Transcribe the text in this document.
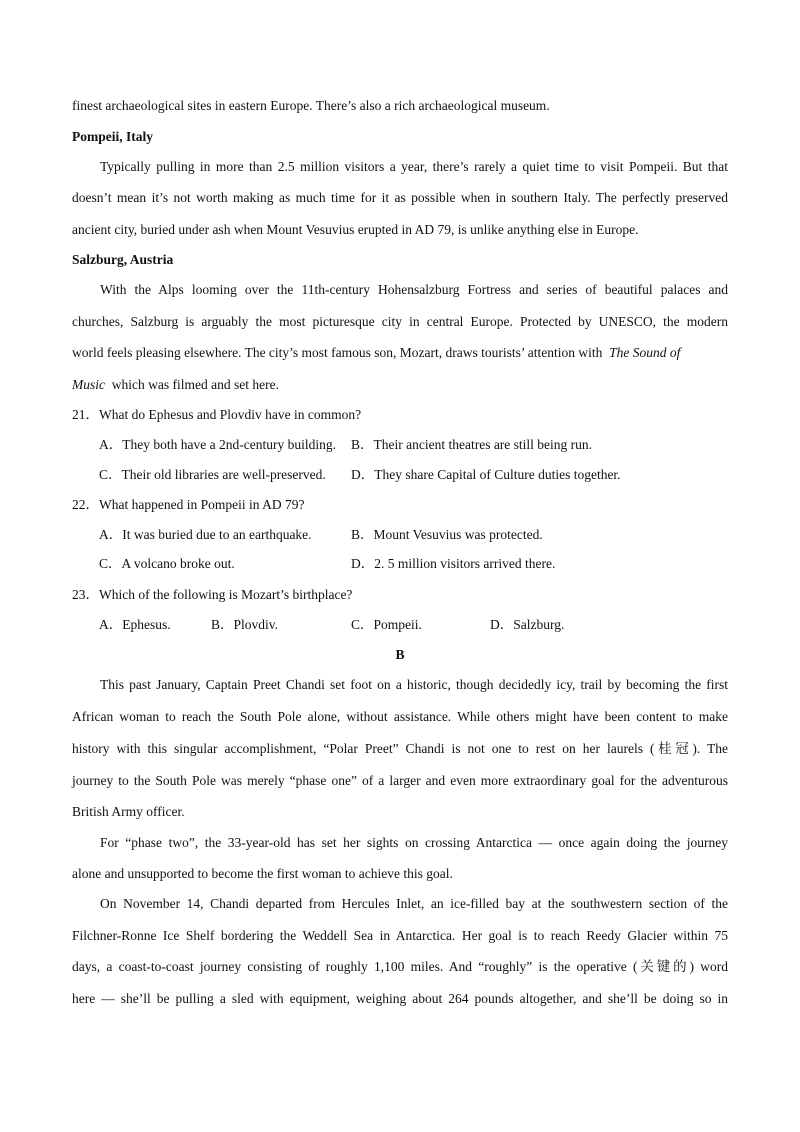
finest archaeological sites in eastern Europe. There’s also a rich archaeological museum.
Pompeii, Italy
Typically pulling in more than 2.5 million visitors a year, there’s rarely a quiet time to visit Pompeii. But that
doesn’t mean it’s not worth making as much time for it as possible when in southern Italy. The perfectly preserved
ancient city, buried under ash when Mount Vesuvius erupted in AD 79, is unlike anything else in Europe.
Salzburg, Austria
With the Alps looming over the 11th-century Hohensalzburg Fortress and series of beautiful palaces and
churches, Salzburg is arguably the most picturesque city in central Europe. Protected by UNESCO, the modern
world feels pleasing elsewhere. The city’s most famous son, Mozart, draws tourists’ attention with The Sound of
Music which was filmed and set here.
21．What do Ephesus and Plovdiv have in common?
A．They both have a 2nd-century building. B．Their ancient theatres are still being run.
C．Their old libraries are well-preserved. D．They share Capital of Culture duties together.
22．What happened in Pompeii in AD 79?
A．It was buried due to an earthquake.	B．Mount Vesuvius was protected.
C．A volcano broke out.	D．2. 5 million visitors arrived there.
23．Which of the following is Mozart’s birthplace?
A．Ephesus.	B．Plovdiv.	C．Pompeii.	D．Salzburg.
B
This past January, Captain Preet Chandi set foot on a historic, though decidedly icy, trail by becoming the first
African woman to reach the South Pole alone, without assistance. While others might have been content to make
history with this singular accomplishment, “Polar Preet” Chandi is not one to rest on her laurels (桂冠). The
journey to the South Pole was merely “phase one” of a larger and even more extraordinary goal for the adventurous
British Army officer.
For “phase two”, the 33-year-old has set her sights on crossing Antarctica — once again doing the journey
alone and unsupported to become the first woman to achieve this goal.
On November 14, Chandi departed from Hercules Inlet, an ice-filled bay at the southwestern section of the
Filchner-Ronne Ice Shelf bordering the Weddell Sea in Antarctica. Her goal is to reach Reedy Glacier within 75
days, a coast-to-coast journey consisting of roughly 1,100 miles. And “roughly” is the operative (关键的) word
here — she’ll be pulling a sled with equipment, weighing about 264 pounds altogether, and she’ll be doing so in
